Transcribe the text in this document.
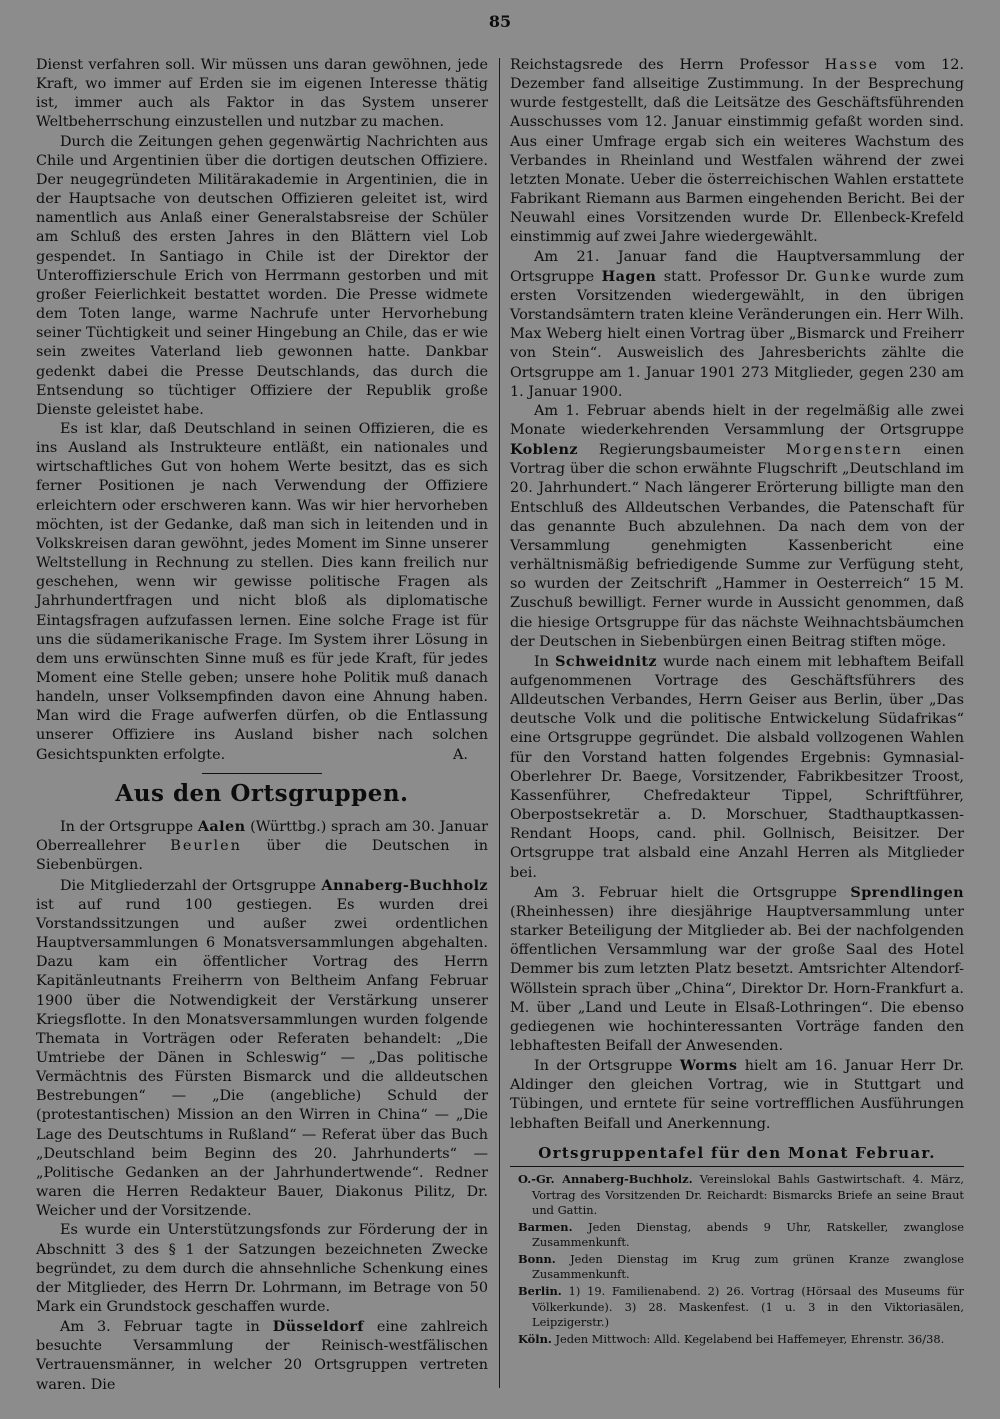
85

Dienst verfahren soll. Wir müssen uns daran gewöhnen, jede Kraft, wo immer auf Erden sie im eigenen Interesse thätig ist, immer auch als Faktor in das System unserer Weltbeherrschung einzustellen und nutzbar zu machen.

Durch die Zeitungen gehen gegenwärtig Nachrichten aus Chile und Argentinien über die dortigen deutschen Offiziere. Der neugegründeten Militärakademie in Argentinien, die in der Hauptsache von deutschen Offizieren geleitet ist, wird namentlich aus Anlaß einer Generalstabsreise der Schüler am Schluß des ersten Jahres in den Blättern viel Lob gespendet. In Santiago in Chile ist der Direktor der Unteroffizierschule Erich von Herrmann gestorben und mit großer Feierlichkeit bestattet worden. Die Presse widmete dem Toten lange, warme Nachrufe unter Hervorhebung seiner Tüchtigkeit und seiner Hingebung an Chile, das er wie sein zweites Vaterland lieb gewonnen hatte. Dankbar gedenkt dabei die Presse Deutschlands, das durch die Entsendung so tüchtiger Offiziere der Republik große Dienste geleistet habe.

Es ist klar, daß Deutschland in seinen Offizieren, die es ins Ausland als Instrukteure entläßt, ein nationales und wirtschaftliches Gut von hohem Werte besitzt, das es sich ferner Positionen je nach Verwendung der Offiziere erleichtern oder erschweren kann. Was wir hier hervorheben möchten, ist der Gedanke, daß man sich in leitenden und in Volkskreisen daran gewöhnt, jedes Moment im Sinne unserer Weltstellung in Rechnung zu stellen. Dies kann freilich nur geschehen, wenn wir gewisse politische Fragen als Jahrhundertfragen und nicht bloß als diplomatische Eintagsfragen aufzufassen lernen. Eine solche Frage ist für uns die südamerikanische Frage. Im System ihrer Lösung in dem uns erwünschten Sinne muß es für jede Kraft, für jedes Moment eine Stelle geben; unsere hohe Politik muß danach handeln, unser Volksempfinden davon eine Ahnung haben. Man wird die Frage aufwerfen dürfen, ob die Entlassung unserer Offiziere ins Ausland bisher nach solchen Gesichtspunkten erfolgte.	A.
Aus den Ortsgruppen.

In der Ortsgruppe Aalen (Württbg.) sprach am 30. Januar Oberreallehrer Beurlen über die Deutschen in Siebenbürgen.

Die Mitgliederzahl der Ortsgruppe Annaberg-Buchholz ist auf rund 100 gestiegen. Es wurden drei Vorstandssitzungen und außer zwei ordentlichen Hauptversammlungen 6 Monatsversammlungen abgehalten. Dazu kam ein öffentlicher Vortrag des Herrn Kapitänleutnants Freiherrn von Beltheim Anfang Februar 1900 über die Notwendigkeit der Verstärkung unserer Kriegsflotte. In den Monatsversammlungen wurden folgende Themata in Vorträgen oder Referaten behandelt: „Die Umtriebe der Dänen in Schleswig“ — „Das politische Vermächtnis des Fürsten Bismarck und die alldeutschen Bestrebungen“ — „Die (angebliche) Schuld der (protestantischen) Mission an den Wirren in China“ — „Die Lage des Deutschtums in Rußland“ — Referat über das Buch „Deutschland beim Beginn des 20. Jahrhunderts“ — „Politische Gedanken an der Jahrhundertwende“. Redner waren die Herren Redakteur Bauer, Diakonus Pilitz, Dr. Weicher und der Vorsitzende.

Es wurde ein Unterstützungsfonds zur Förderung der in Abschnitt 3 des § 1 der Satzungen bezeichneten Zwecke begründet, zu dem durch die ahnsehnliche Schenkung eines der Mitglieder, des Herrn Dr. Lohrmann, im Betrage von 50 Mark ein Grundstock geschaffen wurde.

Am 3. Februar tagte in Düsseldorf eine zahlreich besuchte Versammlung der Reinisch-westfälischen Vertrauensmänner, in welcher 20 Ortsgruppen vertreten waren. Die

Reichstagsrede des Herrn Professor Hasse vom 12. Dezember fand allseitige Zustimmung. In der Besprechung wurde festgestellt, daß die Leitsätze des Geschäftsführenden Ausschusses vom 12. Januar einstimmig gefaßt worden sind. Aus einer Umfrage ergab sich ein weiteres Wachstum des Verbandes in Rheinland und Westfalen während der zwei letzten Monate. Ueber die österreichischen Wahlen erstattete Fabrikant Riemann aus Barmen eingehenden Bericht. Bei der Neuwahl eines Vorsitzenden wurde Dr. Ellenbeck-Krefeld einstimmig auf zwei Jahre wiedergewählt.

Am 21. Januar fand die Hauptversammlung der Ortsgruppe Hagen statt. Professor Dr. Gunke wurde zum ersten Vorsitzenden wiedergewählt, in den übrigen Vorstandsämtern traten kleine Veränderungen ein. Herr Wilh. Max Weberg hielt einen Vortrag über „Bismarck und Freiherr von Stein“. Ausweislich des Jahresberichts zählte die Ortsgruppe am 1. Januar 1901 273 Mitglieder, gegen 230 am 1. Januar 1900.

Am 1. Februar abends hielt in der regelmäßig alle zwei Monate wiederkehrenden Versammlung der Ortsgruppe Koblenz Regierungsbaumeister Morgenstern einen Vortrag über die schon erwähnte Flugschrift „Deutschland im 20. Jahrhundert.“ Nach längerer Erörterung billigte man den Entschluß des Alldeutschen Verbandes, die Patenschaft für das genannte Buch abzulehnen. Da nach dem von der Versammlung genehmigten Kassenbericht eine verhältnismäßig befriedigende Summe zur Verfügung steht, so wurden der Zeitschrift „Hammer in Oesterreich“ 15 M. Zuschuß bewilligt. Ferner wurde in Aussicht genommen, daß die hiesige Ortsgruppe für das nächste Weihnachtsbäumchen der Deutschen in Siebenbürgen einen Beitrag stiften möge.

In Schweidnitz wurde nach einem mit lebhaftem Beifall aufgenommenen Vortrage des Geschäftsführers des Alldeutschen Verbandes, Herrn Geiser aus Berlin, über „Das deutsche Volk und die politische Entwickelung Südafrikas“ eine Ortsgruppe gegründet. Die alsbald vollzogenen Wahlen für den Vorstand hatten folgendes Ergebnis: Gymnasial-Oberlehrer Dr. Baege, Vorsitzender, Fabrikbesitzer Troost, Kassenführer, Chefredakteur Tippel, Schriftführer, Oberpostsekretär a. D. Morschuer, Stadthauptkassen-Rendant Hoops, cand. phil. Gollnisch, Beisitzer. Der Ortsgruppe trat alsbald eine Anzahl Herren als Mitglieder bei.

Am 3. Februar hielt die Ortsgruppe Sprendlingen (Rheinhessen) ihre diesjährige Hauptversammlung unter starker Beteiligung der Mitglieder ab. Bei der nachfolgenden öffentlichen Versammlung war der große Saal des Hotel Demmer bis zum letzten Platz besetzt. Amtsrichter Altendorf-Wöllstein sprach über „China“, Direktor Dr. Horn-Frankfurt a. M. über „Land und Leute in Elsaß-Lothringen“. Die ebenso gediegenen wie hochinteressanten Vorträge fanden den lebhaftesten Beifall der Anwesenden.

In der Ortsgruppe Worms hielt am 16. Januar Herr Dr. Aldinger den gleichen Vortrag, wie in Stuttgart und Tübingen, und erntete für seine vortrefflichen Ausführungen lebhaften Beifall und Anerkennung.

Ortsgruppentafel für den Monat Februar.

O.-Gr. Annaberg-Buchholz. Vereinslokal Bahls Gastwirtschaft. 4. März, Vortrag des Vorsitzenden Dr. Reichardt: Bismarcks Briefe an seine Braut und Gattin.

Barmen. Jeden Dienstag, abends 9 Uhr, Ratskeller, zwanglose Zusammenkunft.

Bonn. Jeden Dienstag im Krug zum grünen Kranze zwanglose Zusammenkunft.

Berlin. 1) 19. Familienabend. 2) 26. Vortrag (Hörsaal des Museums für Völkerkunde). 3) 28. Maskenfest. (1 u. 3 in den Viktoriasälen, Leipzigerstr.)

Köln. Jeden Mittwoch: Alld. Kegelabend bei Haffemeyer, Ehrenstr. 36/38.
